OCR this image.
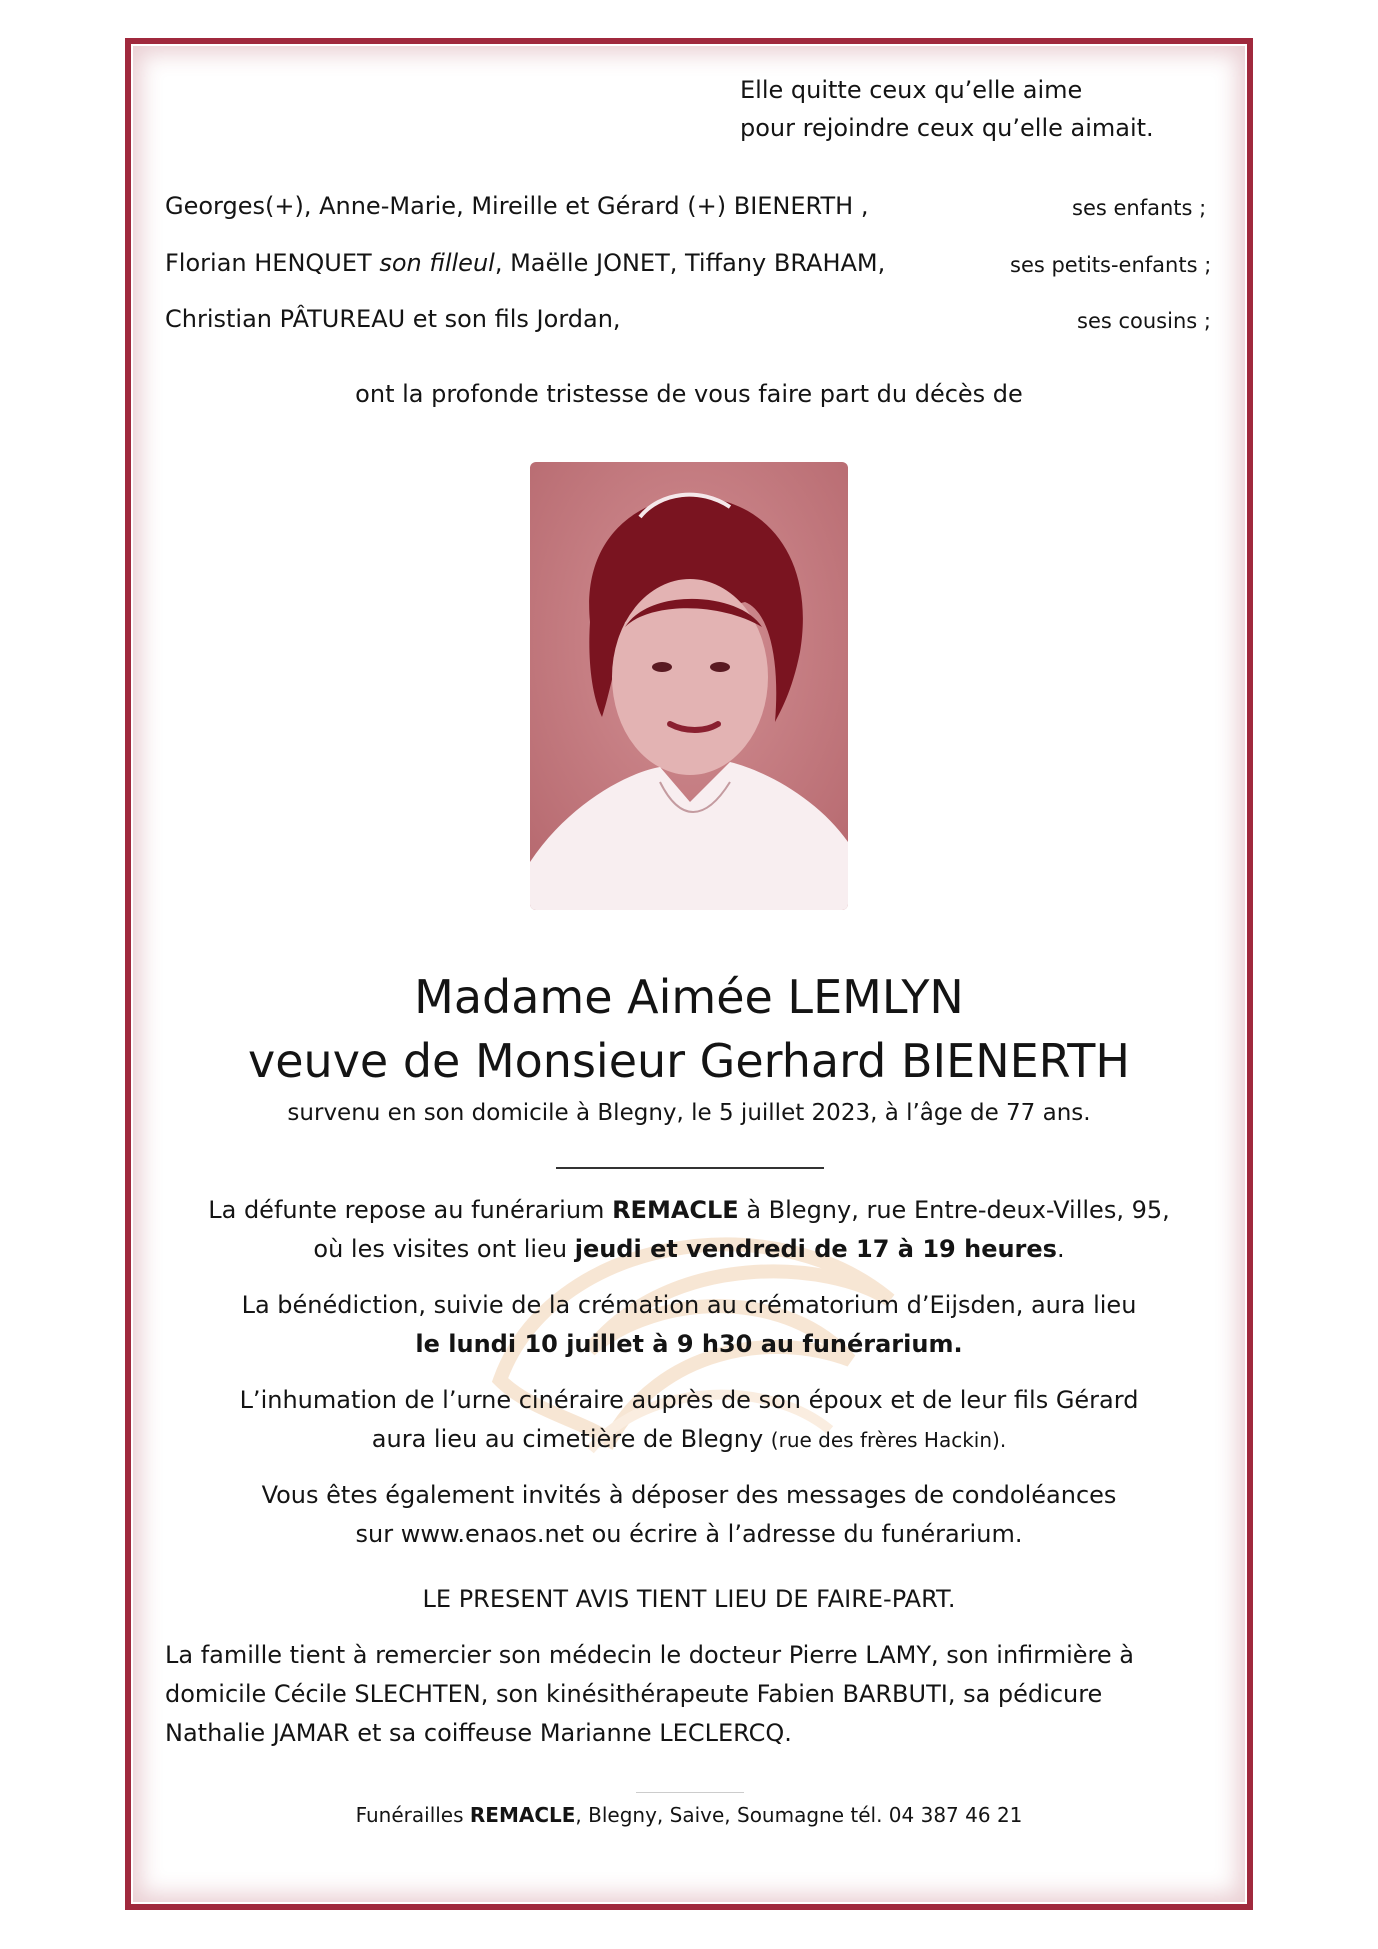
Elle quitte ceux qu’elle aime

pour rejoindre ceux qu’elle aimait.

Georges(+), Anne-Marie, Mireille et Gérard (+) BIENERTH ,	ses enfants ;

Florian HENQUET son filleul, Maëlle JONET, Tiffany BRAHAM,	ses petits-enfants ;

Christian PÂTUREAU et son fils Jordan,	ses cousins ;

ont la profonde tristesse de vous faire part du décès de

Madame Aimée LEMLYN

veuve de Monsieur Gerhard BIENERTH

survenu en son domicile à Blegny, le 5 juillet 2023, à l’âge de 77 ans.

La défunte repose au funérarium REMACLE à Blegny, rue Entre-deux-Villes, 95,

où les visites ont lieu jeudi et vendredi de 17 à 19 heures.

La bénédiction, suivie de la crémation au crématorium d’Eijsden, aura lieu

le lundi 10 juillet à 9 h30 au funérarium.

L’inhumation de l’urne cinéraire auprès de son époux et de leur fils Gérard

aura lieu au cimetière de Blegny (rue des frères Hackin).

Vous êtes également invités à déposer des messages de condoléances

sur www.enaos.net ou écrire à l’adresse du funérarium.

LE PRESENT AVIS TIENT LIEU DE FAIRE-PART.

La famille tient à remercier son médecin le docteur Pierre LAMY, son infirmière à domicile Cécile SLECHTEN, son kinésithérapeute Fabien BARBUTI, sa pédicure Nathalie JAMAR et sa coiffeuse Marianne LECLERCQ.

Funérailles REMACLE, Blegny, Saive, Soumagne tél. 04 387 46 21
